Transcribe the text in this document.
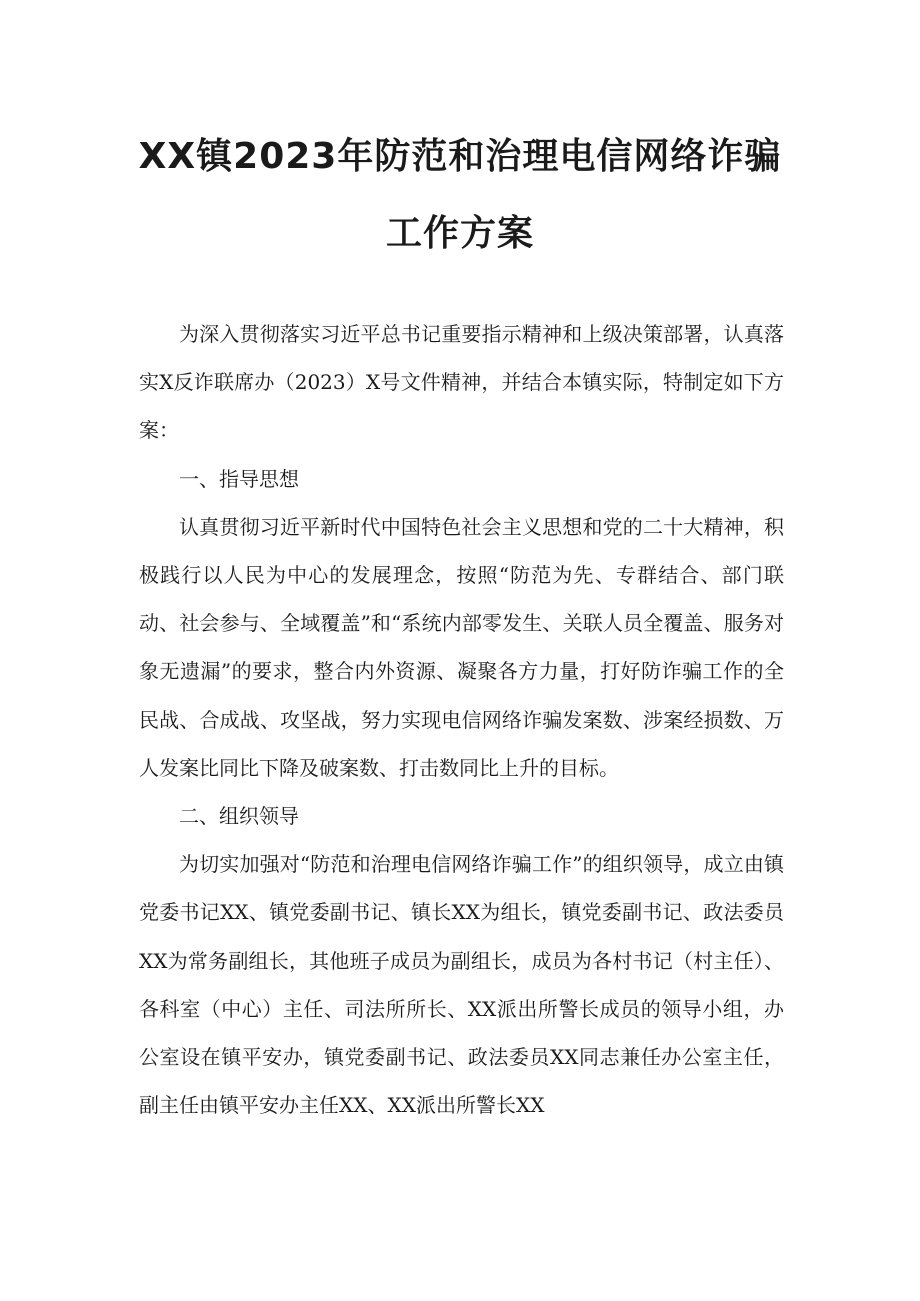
XX镇2023年防范和治理电信网络诈骗
工作方案

为深入贯彻落实习近平总书记重要指示精神和上级决策部署，认真落实X反诈联席办（2023）X号文件精神，并结合本镇实际，特制定如下方案：

一、指导思想

认真贯彻习近平新时代中国特色社会主义思想和党的二十大精神，积极践行以人民为中心的发展理念，按照“防范为先、专群结合、部门联动、社会参与、全域覆盖”和“系统内部零发生、关联人员全覆盖、服务对象无遗漏”的要求，整合内外资源、凝聚各方力量，打好防诈骗工作的全民战、合成战、攻坚战，努力实现电信网络诈骗发案数、涉案经损数、万人发案比同比下降及破案数、打击数同比上升的目标。

二、组织领导

为切实加强对“防范和治理电信网络诈骗工作”的组织领导，成立由镇党委书记XX、镇党委副书记、镇长XX为组长，镇党委副书记、政法委员XX为常务副组长，其他班子成员为副组长，成员为各村书记（村主任）、各科室（中心）主任、司法所所长、XX派出所警长成员的领导小组，办公室设在镇平安办，镇党委副书记、政法委员XX同志兼任办公室主任，副主任由镇平安办主任XX、XX派出所警长XX
